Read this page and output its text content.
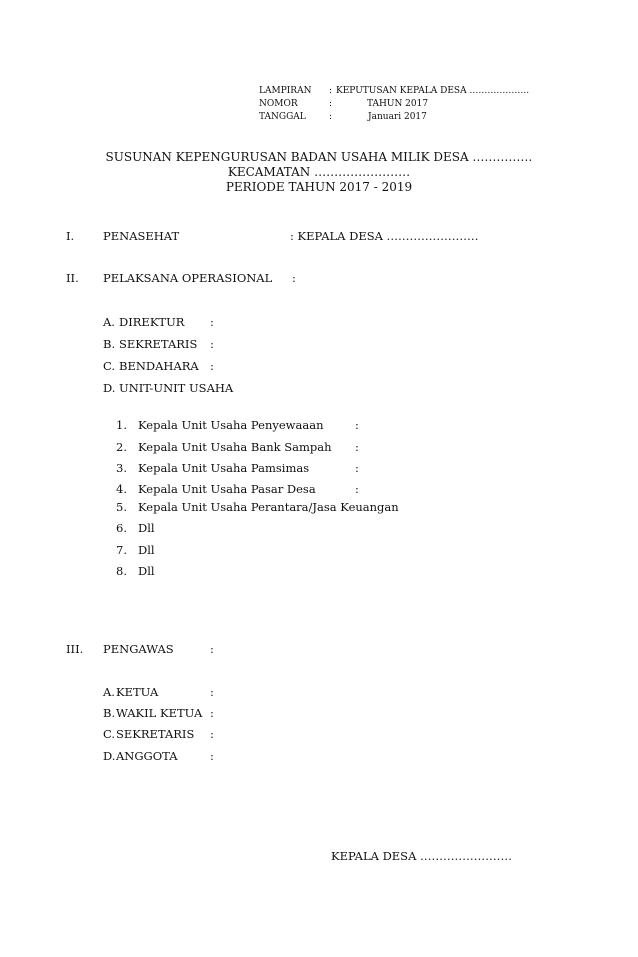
LAMPIRAN : KEPUTUSAN KEPALA DESA ………………..
NOMOR	:	TAHUN 2017
TANGGAL	:	Januari 2017
SUSUNAN KEPENGURUSAN BADAN USAHA MILIK DESA ……………
KECAMATAN ……………………
PERIODE TAHUN 2017 - 2019
I.	PENASEHAT	: KEPALA DESA ……………………
II. PELAKSANA OPERASIONAL :
A. DIREKTUR :
B. SEKRETARIS :
C. BENDAHARA :
D. UNIT-UNIT USAHA
1. Kepala Unit Usaha Penyewaaan	:
2. Kepala Unit Usaha Bank Sampah :
3. Kepala Unit Usaha Pamsimas	:
4. Kepala Unit Usaha Pasar Desa	:
5. Kepala Unit Usaha Perantara/Jasa Keuangan
6. Dll
7. Dll
8. Dll
III. PENGAWAS	:
A. KETUA	:
B. WAKIL KETUA :
C. SEKRETARIS :
D. ANGGOTA	:
KEPALA DESA ……………………
